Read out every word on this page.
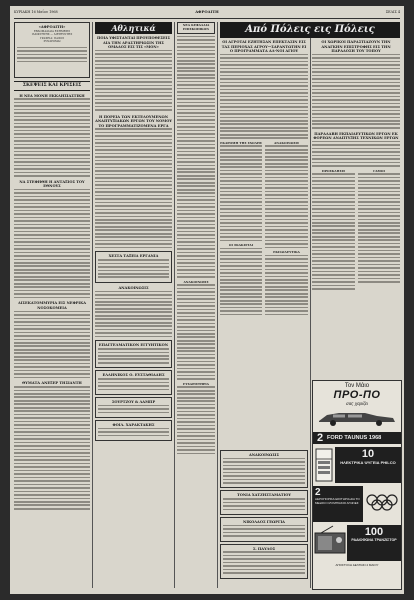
ΚΥΡΙΑΚΗ 16 Μαΐου 1968	ΑΦΡΟΔΙΤΗ	ΣΕΛΙΣ 4
«ΑΦΡΟΔΙΤΗ»
ΕΒΔΟΜΑΔΙΑΙΑ ΕΦΗΜΕΡΙΣ
ΙΔΙΟΚΤΗΤΗΣ — ΔΙΕΥΘΥΝΤΗΣ
ΓΡΑΦΕΙΑ: ΠΑΦΟΣ
ΣΥΝΔΡΟΜΑΙ
ΣΚΕΨΕΙΣ ΚΑΙ ΚΡΙΣΕΙΣ
Η ΝΕΑ ΜΟΝΗ ΕΚΚΛΗΣΙΑΣΤΙΚΗ
ΝΑ ΣΤΕΦΗΘΗ Η ΑΝΤΑΞΙΟΣ ΤΟΥ ΕΘΝΟΥΣ
ΔΙΣΕΚΑΤΟΜΜΥΡΙΑ ΕΙΣ ΝΕΦΡΙΚΑ ΝΟΣΟΚΟΜΕΙΑ
ΘΥΜΑΤΑ ΑΝΕΞΕΡ ΤΗΣΙΑΝΤΗ
Αθλητικά
ΠΟΙΑ ΥΦΙΣΤΑΝΤΑΙ ΠΡΟΥΠΟΘΕΣΕΙΣ ΔΙΑ ΤΗΝ ΔΡΑΣΤΗΡΙΩΣΙΝ ΤΗΣ ΟΜΑΔΟΣ ΕΙΣ ΤΙΣ «ΜΟΝ»
Η ΠΟΡΕΙΑ ΤΩΝ ΕΚΤΕΛΟΥΜΕΝΩΝ ΑΝΑΠΤΥΞΙΑΚΩΝ ΕΡΓΩΝ ΤΟΥ ΝΟΜΟΥ ΤΟ ΠΡΟΓΡΑΜΜΑΤΙΖΟΜΕΝΑ ΕΡΓΑ
ΧΕΣΤΑ ΤΑΞΕΙΔ ΕΡΓΑΝΙΔ
ΑΝΑΚΟΙΝΩΣΙΣ
ΕΠΑΓΓΕΛΜΑΤΙΚΟΝ ΕΓΓΥΗΤΙΚΟΝ
ΕΛΛΗΝΙΚΟΣ Ο. ΕΥΣΤΑΘΙΑΔΗΣ
ΣΟΥΡΤΖΟΥ & ΛΑΜΠΡ
ΦΟΙΛ. ΧΑΡΑΚΤΑΚΗΣ
ΝΕΑ ΚΕΦΑΛΑΙΑ
ΕΠΙΣΚΟΠΙΚΟΝ
ΑΝΑΚΟΙΝΩΣΙΣ
ΕΥΧΑΡΙΣΤΗΡΙΑ
Από Πόλεις εις Πόλεις
ΟΙ ΑΓΡΟΤΑΙ ΕΖΗΤΗΣΑΝ ΕΠΕΚΤΑΣΙΝ ΕΙΣ ΤΑΣ ΠΕΡΙΟΧΑΣ ΑΓΡΟΥ—ΣΑΡΑΝΤΩΤΗΝ ΕΙ Ο ΠΡΟΓΡΑΜΜΑΤΑ ΑΛ-ΝΟΙ ΑΓΙΟΥ
ΕΚΔΡΟΜΗ ΤΗΣ ΣΧΟΛΗΣ
ΟΙ ΣΚΑΚΙΣΤΑΙ
ΑΝΑΚΟΙΝΩΣΙΣ
ΕΚΠΑΙΔΕΥΤΙΚΑ
ΟΙ ΧΩΡΙΚΟΙ ΠΑΡΑΣΤΙΑΖΟΥΝ ΤΗΝ ΑΝΑΓΚΗΝ ΕΠΙΣΤΡΟΦΗΣ ΕΙΣ ΤΗΝ ΠΑΡΑΔΟΣΗ ΤΟΥ ΤΟΠΟΥ
ΠΑΡΑΛΑΒΗ ΕΚΠΑΙΔΕΥΤΙΚΩΝ ΕΡΓΩΝ ΕΚ ΦΟΡΕΩΝ ΑΝΑΠΤΥΞΗΣ ΤΕΧΝΙΚΩΝ ΕΡΓΩΝ
ΠΡΟΣΚΛΗΣΙΣ	ΓΑΜΟΙ
ΑΝΑΚΟΙΝΩΣΙΣ
ΤΟΝΙΑ ΧΑΤΖΗΣΤΑΜΑΤΙΟΥ
ΝΙΚΟΛΑΟΣ ΓΕΩΡΓΙΑ
Σ. ΠΑΥΛΟΣ
Τον Μάιο
ΠΡΟ-ΠΟ
σας χαρίζει
2 FORD TAUNUS 1968
10
ΗΛΕΚΤΡΙΚΑ ΨΥΓΕΙΑ PHILCO
2
ΑΕΡΟΠΟΡΙΚΑ ΕΙΣΙΤΗΡΙΑ ΔΙΑ ΤΟ ΜΕΞΙΚΟ ΟΛΥΜΠΙΑΚΟΙ ΑΓΩΝΕΣ
100
ΡΑΔΙΟΦΩΝΑ ΤΡΑΝΖΙΣΤΟΡ
ΑΠΟΣΤΟΛΗ ΔΕΛΤΙΩΝ 4 ΜΑΙΟΥ
